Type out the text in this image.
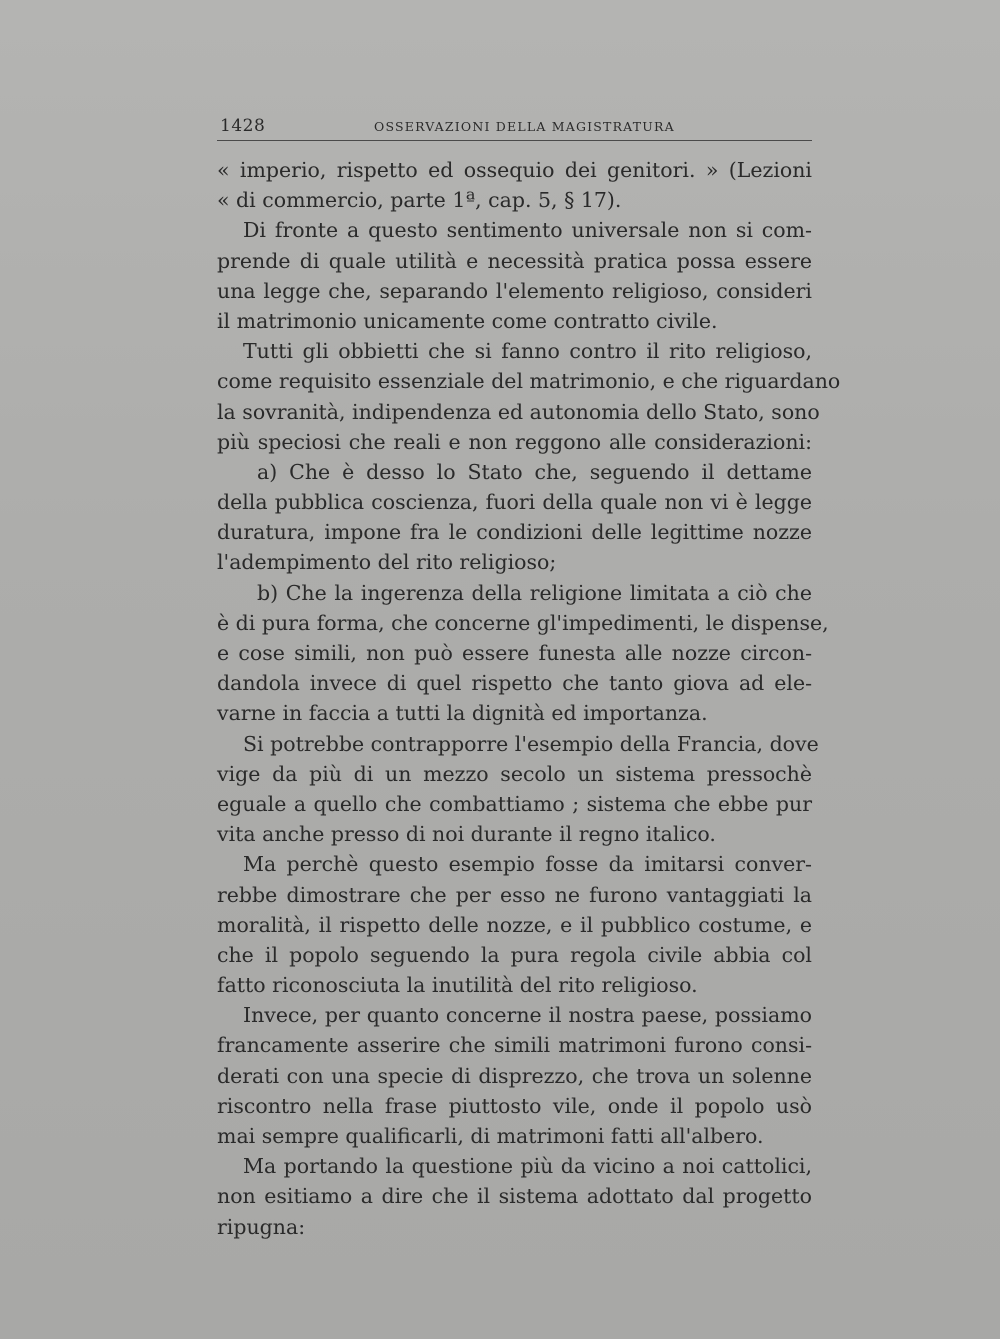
1428	OSSERVAZIONI DELLA MAGISTRATURA
« imperio, rispetto ed ossequio dei genitori. » (Lezioni
« di commercio, parte 1ª, cap. 5, § 17).
Di fronte a questo sentimento universale non si com-
prende di quale utilità e necessità pratica possa essere
una legge che, separando l'elemento religioso, consideri
il matrimonio unicamente come contratto civile.
Tutti gli obbietti che si fanno contro il rito religioso,
come requisito essenziale del matrimonio, e che riguardano
la sovranità, indipendenza ed autonomia dello Stato, sono
più speciosi che reali e non reggono alle considerazioni:
a) Che è desso lo Stato che, seguendo il dettame
della pubblica coscienza, fuori della quale non vi è legge
duratura, impone fra le condizioni delle legittime nozze
l'adempimento del rito religioso;
b) Che la ingerenza della religione limitata a ciò che
è di pura forma, che concerne gl'impedimenti, le dispense,
e cose simili, non può essere funesta alle nozze circon-
dandola invece di quel rispetto che tanto giova ad ele-
varne in faccia a tutti la dignità ed importanza.
Si potrebbe contrapporre l'esempio della Francia, dove
vige da più di un mezzo secolo un sistema pressochè
eguale a quello che combattiamo ; sistema che ebbe pur
vita anche presso di noi durante il regno italico.
Ma perchè questo esempio fosse da imitarsi conver-
rebbe dimostrare che per esso ne furono vantaggiati la
moralità, il rispetto delle nozze, e il pubblico costume, e
che il popolo seguendo la pura regola civile abbia col
fatto riconosciuta la inutilità del rito religioso.
Invece, per quanto concerne il nostra paese, possiamo
francamente asserire che simili matrimoni furono consi-
derati con una specie di disprezzo, che trova un solenne
riscontro nella frase piuttosto vile, onde il popolo usò
mai sempre qualificarli, di matrimoni fatti all'albero.
Ma portando la questione più da vicino a noi cattolici,
non esitiamo a dire che il sistema adottato dal progetto
ripugna:
